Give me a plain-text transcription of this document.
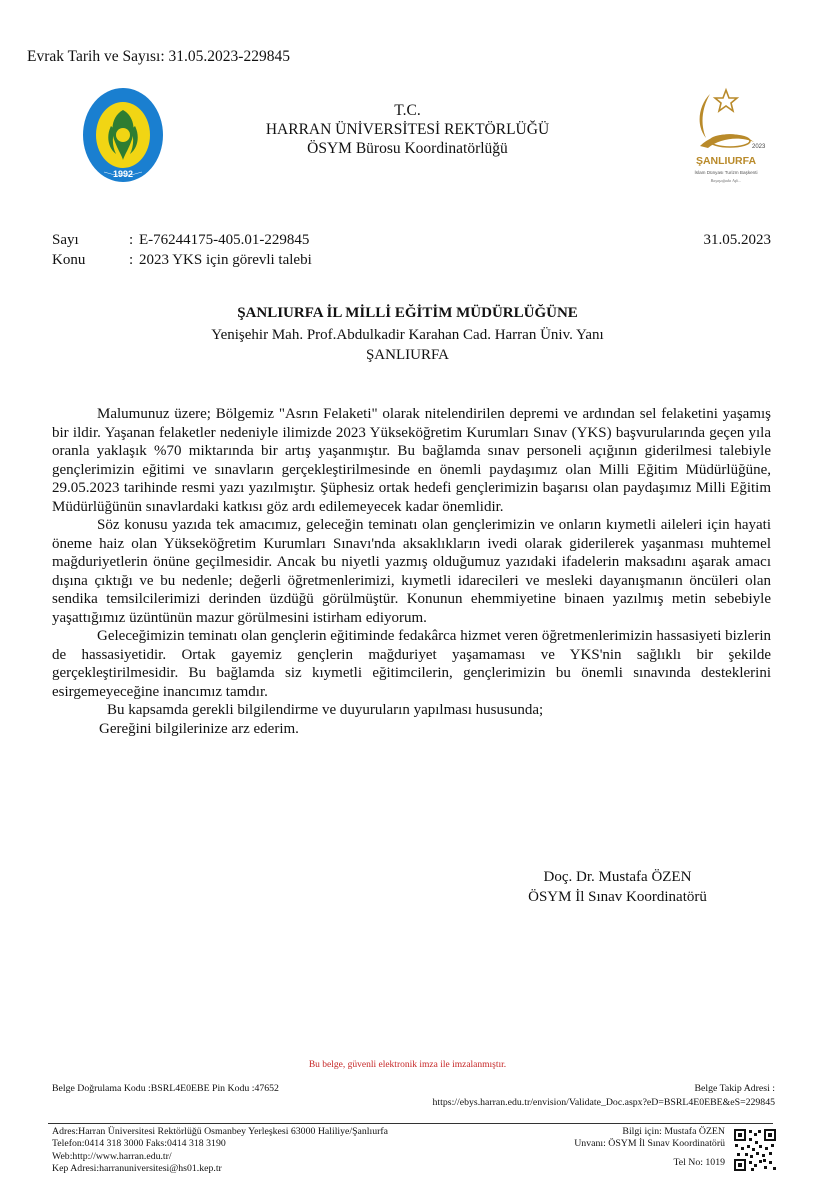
Evrak Tarih ve Sayısı: 31.05.2023-229845
1992
2023
ŞANLIURFA
İslam Dünyası Turizm Başkenti
Başaşağada Aşk...
T.C.
HARRAN ÜNİVERSİTESİ REKTÖRLÜĞÜ
ÖSYM Bürosu Koordinatörlüğü
Sayı	: E-76244175-405.01-229845	31.05.2023
Konu	: 2023 YKS için görevli talebi
ŞANLIURFA İL MİLLİ EĞİTİM MÜDÜRLÜĞÜNE
Yenişehir Mah. Prof.Abdulkadir Karahan Cad. Harran Üniv. Yanı
ŞANLIURFA

Malumunuz üzere; Bölgemiz "Asrın Felaketi" olarak nitelendirilen depremi ve ardından sel felaketini yaşamış bir ildir. Yaşanan felaketler nedeniyle ilimizde 2023 Yükseköğretim Kurumları Sınav (YKS) başvurularında geçen yıla oranla yaklaşık %70 miktarında bir artış yaşanmıştır. Bu bağlamda sınav personeli açığının giderilmesi talebiyle gençlerimizin eğitimi ve sınavların gerçekleştirilmesinde en önemli paydaşımız olan Milli Eğitim Müdürlüğüne, 29.05.2023 tarihinde resmi yazı yazılmıştır. Şüphesiz ortak hedefi gençlerimizin başarısı olan paydaşımız Milli Eğitim Müdürlüğünün sınavlardaki katkısı göz ardı edilemeyecek kadar önemlidir.

Söz konusu yazıda tek amacımız, geleceğin teminatı olan gençlerimizin ve onların kıymetli aileleri için hayati öneme haiz olan Yükseköğretim Kurumları Sınavı'nda aksaklıkların ivedi olarak giderilerek yaşanması muhtemel mağduriyetlerin önüne geçilmesidir. Ancak bu niyetli yazmış olduğumuz yazıdaki ifadelerin maksadını aşarak amacı dışına çıktığı ve bu nedenle; değerli öğretmenlerimizi, kıymetli idarecileri ve mesleki dayanışmanın öncüleri olan sendika temsilcilerimizi derinden üzdüğü görülmüştür. Konunun ehemmiyetine binaen yazılmış metin sebebiyle yaşattığımız üzüntünün mazur görülmesini istirham ediyorum.

Geleceğimizin teminatı olan gençlerin eğitiminde fedakârca hizmet veren öğretmenlerimizin hassasiyeti bizlerin de hassasiyetidir. Ortak gayemiz gençlerin mağduriyet yaşamaması ve YKS'nin sağlıklı bir şekilde gerçekleştirilmesidir. Bu bağlamda siz kıymetli eğitimcilerin, gençlerimizin bu önemli sınavında desteklerini esirgemeyeceğine inancımız tamdır.

Bu kapsamda gerekli bilgilendirme ve duyuruların yapılması hususunda;

Gereğini bilgilerinize arz ederim.

Doç. Dr. Mustafa ÖZEN
ÖSYM İl Sınav Koordinatörü
Bu belge, güvenli elektronik imza ile imzalanmıştır.
Belge Doğrulama Kodu :BSRL4E0EBE Pin Kodu :47652	Belge Takip Adresi :
https://ebys.harran.edu.tr/envision/Validate_Doc.aspx?eD=BSRL4E0EBE&eS=229845
Adres:Harran Üniversitesi Rektörlüğü Osmanbey Yerleşkesi 63000 Haliliye/Şanlıurfa
Telefon:0414 318 3000 Faks:0414 318 3190
Web:http://www.harran.edu.tr/
Kep Adresi:harranuniversitesi@hs01.kep.tr
Bilgi için: Mustafa ÖZEN
Unvanı: ÖSYM İl Sınav Koordinatörü
Tel No: 1019
